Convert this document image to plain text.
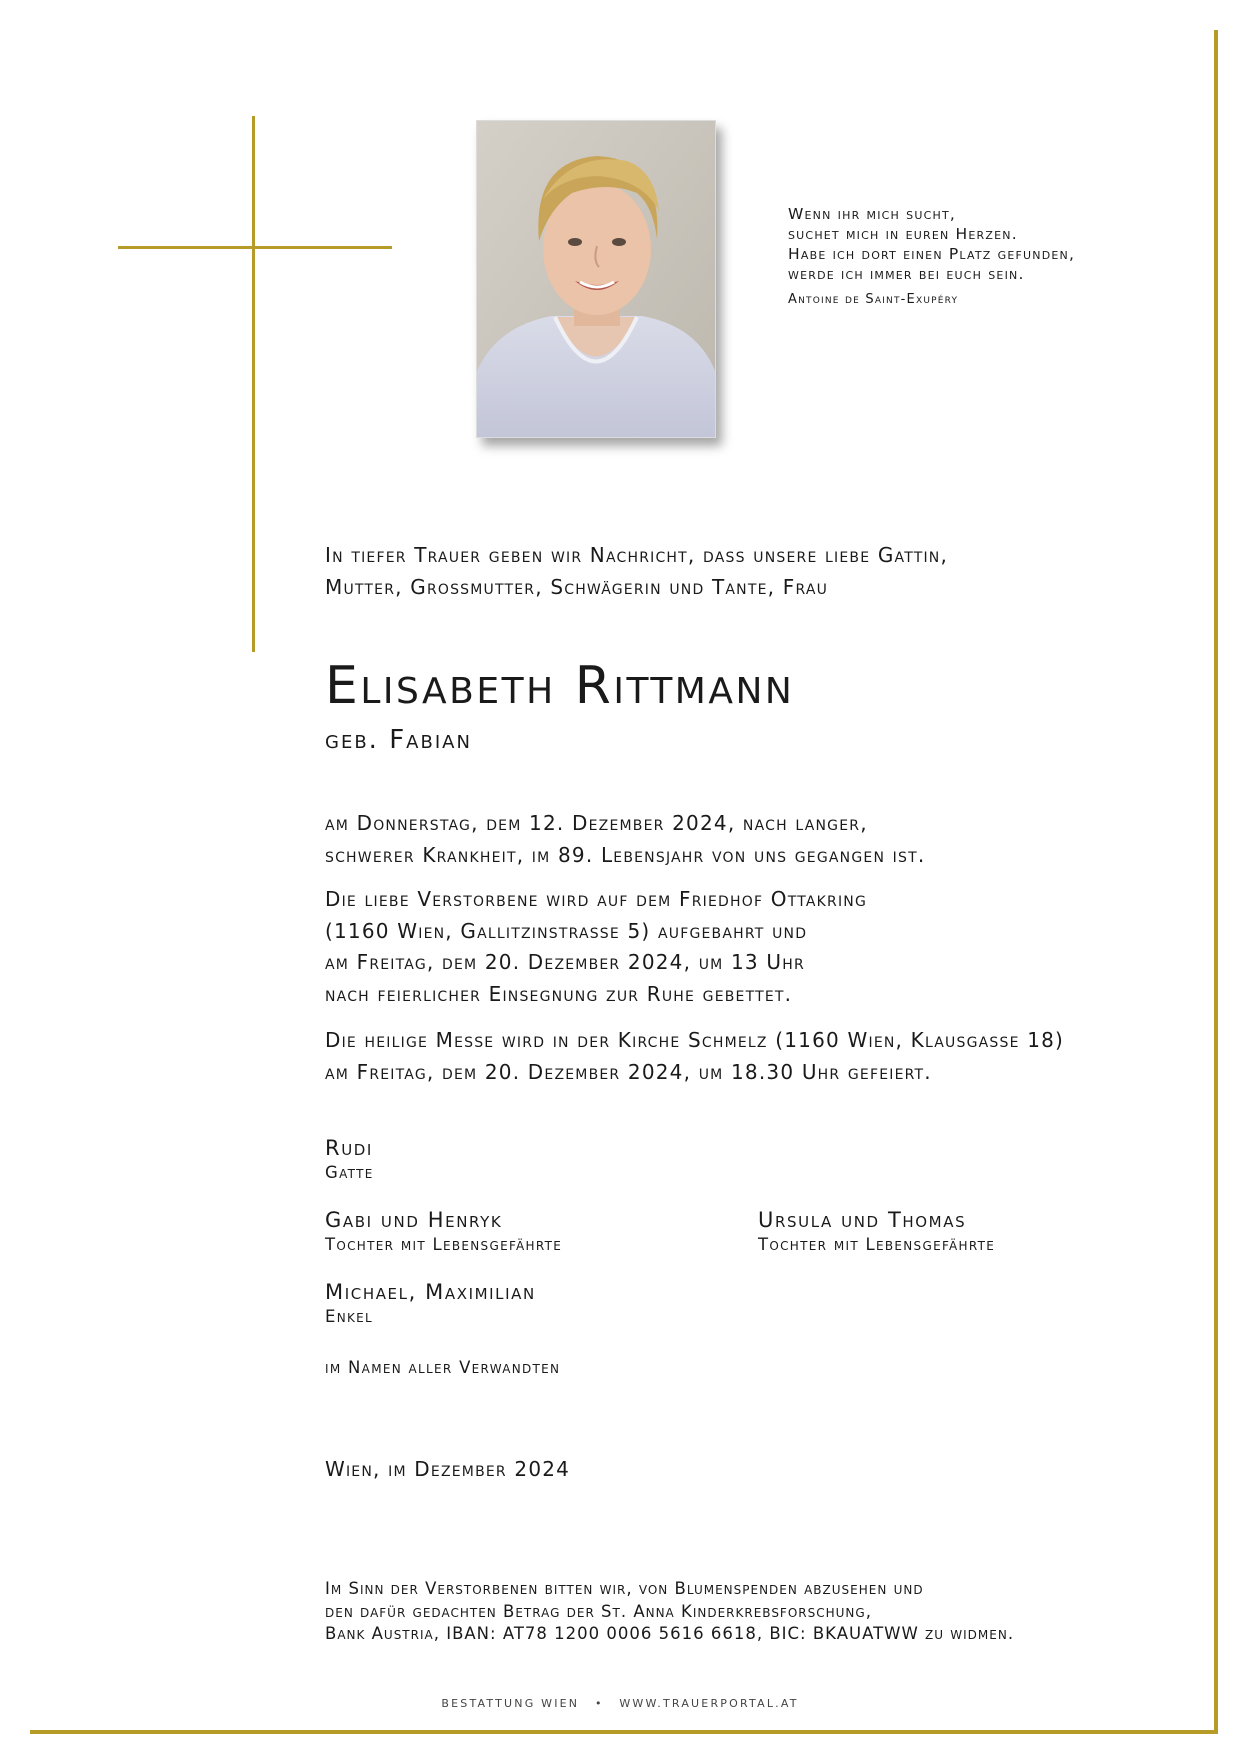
Wenn ihr mich sucht,
suchet mich in euren Herzen.
Habe ich dort einen Platz gefunden,
werde ich immer bei euch sein.
Antoine de Saint-Exupéry
In tiefer Trauer geben wir Nachricht, dass unsere liebe Gattin,
Mutter, Grossmutter, Schwägerin und Tante, Frau
Elisabeth Rittmann
geb. Fabian
am Donnerstag, dem 12. Dezember 2024, nach langer,
schwerer Krankheit, im 89. Lebensjahr von uns gegangen ist.
Die liebe Verstorbene wird auf dem Friedhof Ottakring
(1160 Wien, Gallitzinstrasse 5) aufgebahrt und
am Freitag, dem 20. Dezember 2024, um 13 Uhr
nach feierlicher Einsegnung zur Ruhe gebettet.
Die heilige Messe wird in der Kirche Schmelz (1160 Wien, Klausgasse 18)
am Freitag, dem 20. Dezember 2024, um 18.30 Uhr gefeiert.
Rudi
Gatte
Gabi und Henryk
Tochter mit Lebensgefährte
Ursula und Thomas
Tochter mit Lebensgefährte
Michael, Maximilian
Enkel
im Namen aller Verwandten
Wien, im Dezember 2024
Im Sinn der Verstorbenen bitten wir, von Blumenspenden abzusehen und
den dafür gedachten Betrag der St. Anna Kinderkrebsforschung,
Bank Austria, IBAN: AT78 1200 0006 5616 6618, BIC: BKAUATWW zu widmen.
BESTATTUNG WIEN • WWW.TRAUERPORTAL.AT
